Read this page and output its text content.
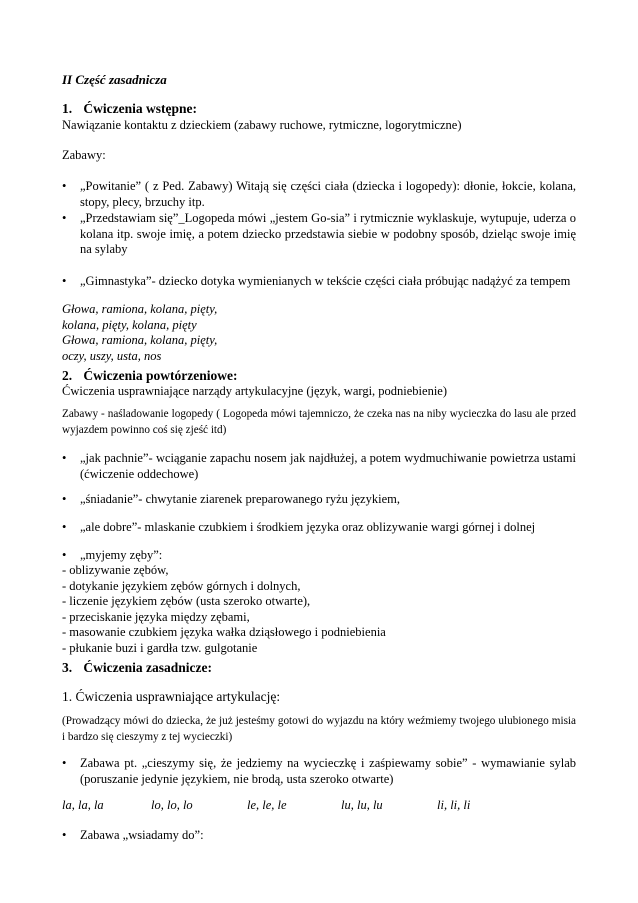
II Część zasadnicza

1. Ćwiczenia wstępne:

Nawiązanie kontaktu z dzieckiem (zabawy ruchowe, rytmiczne, logorytmiczne)

Zabawy:

•	„Powitanie” ( z Ped. Zabawy) Witają się części ciała (dziecka i logopedy): dłonie, łokcie, kolana, stopy, plecy, brzuchy itp.
•	„Przedstawiam się”_Logopeda mówi „jestem Go-sia” i rytmicznie wyklaskuje, wytupuje, uderza o kolana itp. swoje imię, a potem dziecko przedstawia siebie w podobny sposób, dzieląc swoje imię na sylaby
•	„Gimnastyka”- dziecko dotyka wymienianych w tekście części ciała próbując nadążyć za tempem
Głowa, ramiona, kolana, pięty,
kolana, pięty, kolana, pięty
Głowa, ramiona, kolana, pięty,
oczy, uszy, usta, nos

2. Ćwiczenia powtórzeniowe:

Ćwiczenia usprawniające narządy artykulacyjne (język, wargi, podniebienie)

Zabawy - naśladowanie logopedy ( Logopeda mówi tajemniczo, że czeka nas na niby wycieczka do lasu ale przed wyjazdem powinno coś się zjeść itd)

•	„jak pachnie”- wciąganie zapachu nosem jak najdłużej, a potem wydmuchiwanie powietrza ustami (ćwiczenie oddechowe)
•	„śniadanie”- chwytanie ziarenek preparowanego ryżu językiem,
•	„ale dobre”- mlaskanie czubkiem i środkiem języka oraz oblizywanie wargi górnej i dolnej
•	„myjemy zęby”:
- oblizywanie zębów,
- dotykanie językiem zębów górnych i dolnych,
- liczenie językiem zębów (usta szeroko otwarte),
- przeciskanie języka między zębami,
- masowanie czubkiem języka wałka dziąsłowego i podniebienia
- płukanie buzi i gardła tzw. gulgotanie

3. Ćwiczenia zasadnicze:

1. Ćwiczenia usprawniające artykulację:

(Prowadzący mówi do dziecka, że już jesteśmy gotowi do wyjazdu na który weźmiemy twojego ulubionego misia i bardzo się cieszymy z tej wycieczki)

•	Zabawa pt. „cieszymy się, że jedziemy na wycieczkę i zaśpiewamy sobie” - wymawianie sylab (poruszanie jedynie językiem, nie brodą, usta szeroko otwarte)
la, la, la	lo, lo, lo	le, le, le	lu, lu, lu	li, li, li
•	Zabawa „wsiadamy do”:
